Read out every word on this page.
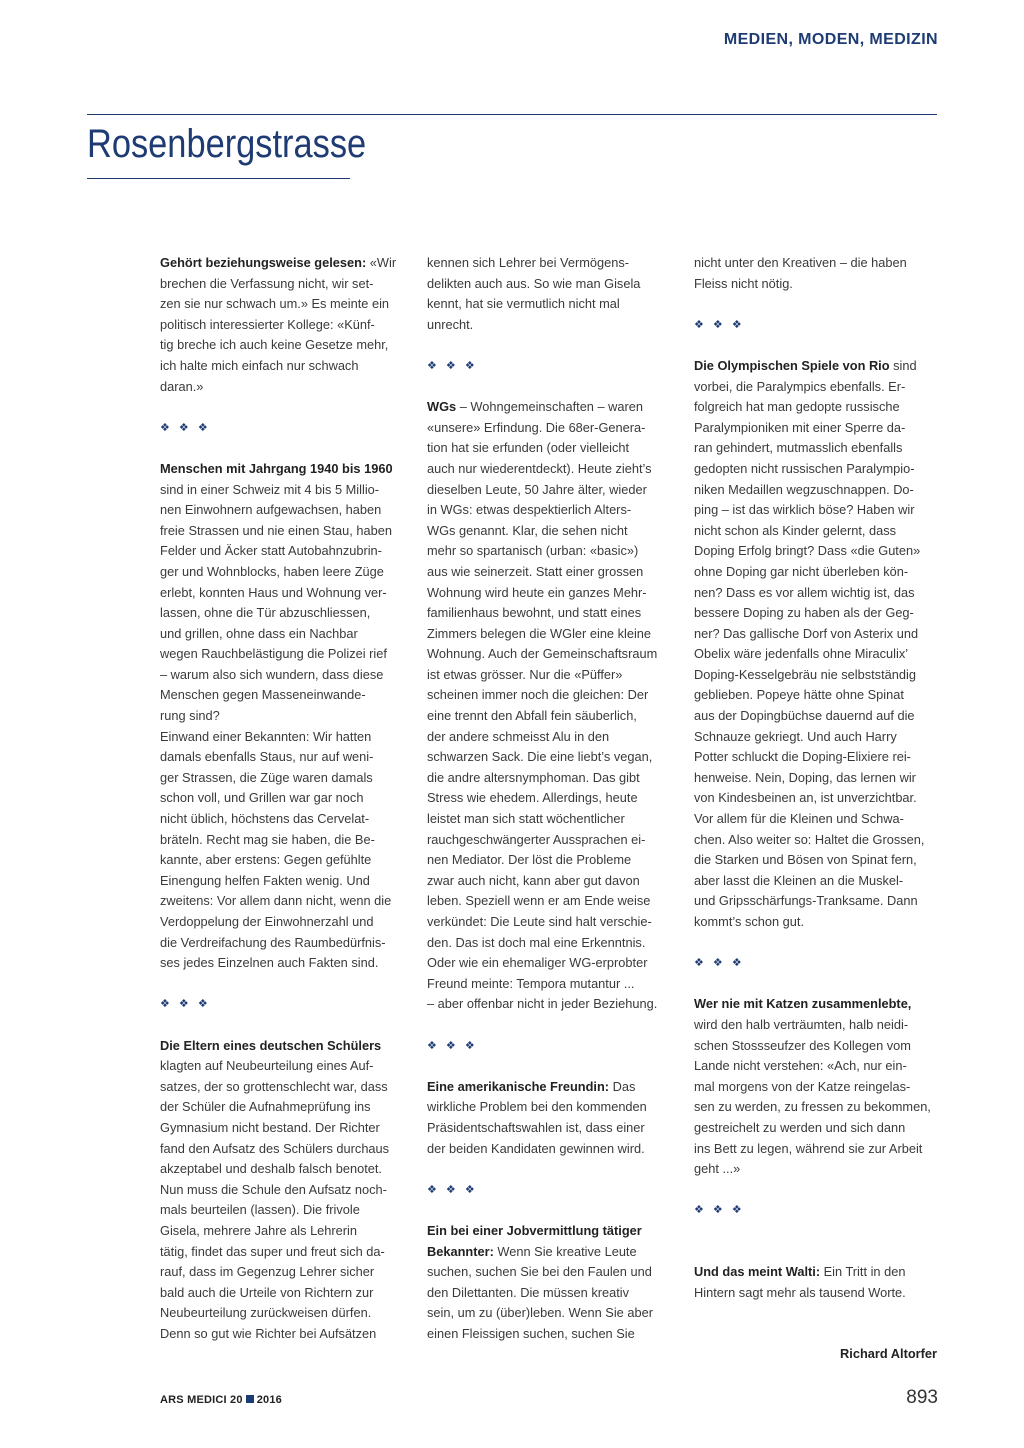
MEDIEN, MODEN, MEDIZIN
Rosenbergstrasse

Gehört beziehungsweise gelesen: «Wir
brechen die Verfassung nicht, wir set-
zen sie nur schwach um.» Es meinte ein
politisch interessierter Kollege: «Künf-
tig breche ich auch keine Gesetze mehr,
ich halte mich einfach nur schwach
daran.»

❖ ❖ ❖

Menschen mit Jahrgang 1940 bis 1960
sind in einer Schweiz mit 4 bis 5 Millio-
nen Einwohnern aufgewachsen, haben
freie Strassen und nie einen Stau, haben
Felder und Äcker statt Autobahnzubrin-
ger und Wohnblocks, haben leere Züge
erlebt, konnten Haus und Wohnung ver-
lassen, ohne die Tür abzuschliessen,
und grillen, ohne dass ein Nachbar
wegen Rauchbelästigung die Polizei rief
– warum also sich wundern, dass diese
Menschen gegen Masseneinwande-
rung sind?
Einwand einer Bekannten: Wir hatten
damals ebenfalls Staus, nur auf weni-
ger Strassen, die Züge waren damals
schon voll, und Grillen war gar noch
nicht üblich, höchstens das Cervelat-
bräteln. Recht mag sie haben, die Be-
kannte, aber erstens: Gegen gefühlte
Einengung helfen Fakten wenig. Und
zweitens: Vor allem dann nicht, wenn die
Verdoppelung der Einwohnerzahl und
die Verdreifachung des Raumbedürfnis-
ses jedes Einzelnen auch Fakten sind.

❖ ❖ ❖

Die Eltern eines deutschen Schülers
klagten auf Neubeurteilung eines Auf-
satzes, der so grottenschlecht war, dass
der Schüler die Aufnahmeprüfung ins
Gymnasium nicht bestand. Der Richter
fand den Aufsatz des Schülers durchaus
akzeptabel und deshalb falsch benotet.
Nun muss die Schule den Aufsatz noch-
mals beurteilen (lassen). Die frivole
Gisela, mehrere Jahre als Lehrerin
tätig, findet das super und freut sich da-
rauf, dass im Gegenzug Lehrer sicher
bald auch die Urteile von Richtern zur
Neubeurteilung zurückweisen dürfen.
Denn so gut wie Richter bei Aufsätzen

kennen sich Lehrer bei Vermögens-
delikten auch aus. So wie man Gisela
kennt, hat sie vermutlich nicht mal
unrecht.

❖ ❖ ❖

WGs – Wohngemeinschaften – waren
«unsere» Erfindung. Die 68er-Genera-
tion hat sie erfunden (oder vielleicht
auch nur wiederentdeckt). Heute zieht’s
dieselben Leute, 50 Jahre älter, wieder
in WGs: etwas despektierlich Alters-
WGs genannt. Klar, die sehen nicht
mehr so spartanisch (urban: «basic»)
aus wie seinerzeit. Statt einer grossen
Wohnung wird heute ein ganzes Mehr-
familienhaus bewohnt, und statt eines
Zimmers belegen die WGler eine kleine
Wohnung. Auch der Gemeinschaftsraum
ist etwas grösser. Nur die «Püffer»
scheinen immer noch die gleichen: Der
eine trennt den Abfall fein säuberlich,
der andere schmeisst Alu in den
schwarzen Sack. Die eine liebt’s vegan,
die andre altersnymphoman. Das gibt
Stress wie ehedem. Allerdings, heute
leistet man sich statt wöchentlicher
rauchgeschwängerter Aussprachen ei-
nen Mediator. Der löst die Probleme
zwar auch nicht, kann aber gut davon
leben. Speziell wenn er am Ende weise
verkündet: Die Leute sind halt verschie-
den. Das ist doch mal eine Erkenntnis.
Oder wie ein ehemaliger WG-erprobter
Freund meinte: Tempora mutantur ...
– aber offenbar nicht in jeder Beziehung.

❖ ❖ ❖

Eine amerikanische Freundin: Das
wirkliche Problem bei den kommenden
Präsidentschaftswahlen ist, dass einer
der beiden Kandidaten gewinnen wird.

❖ ❖ ❖

Ein bei einer Jobvermittlung tätiger
Bekannter: Wenn Sie kreative Leute
suchen, suchen Sie bei den Faulen und
den Dilettanten. Die müssen kreativ
sein, um zu (über)leben. Wenn Sie aber
einen Fleissigen suchen, suchen Sie

nicht unter den Kreativen – die haben
Fleiss nicht nötig.

❖ ❖ ❖

Die Olympischen Spiele von Rio sind
vorbei, die Paralympics ebenfalls. Er-
folgreich hat man gedopte russische
Paralympioniken mit einer Sperre da-
ran gehindert, mutmasslich ebenfalls
gedopten nicht russischen Paralympio-
niken Medaillen wegzuschnappen. Do-
ping – ist das wirklich böse? Haben wir
nicht schon als Kinder gelernt, dass
Doping Erfolg bringt? Dass «die Guten»
ohne Doping gar nicht überleben kön-
nen? Dass es vor allem wichtig ist, das
bessere Doping zu haben als der Geg-
ner? Das gallische Dorf von Asterix und
Obelix wäre jedenfalls ohne Miraculix’
Doping-Kesselgebräu nie selbstständig
geblieben. Popeye hätte ohne Spinat
aus der Dopingbüchse dauernd auf die
Schnauze gekriegt. Und auch Harry
Potter schluckt die Doping-Elixiere rei-
henweise. Nein, Doping, das lernen wir
von Kindesbeinen an, ist unverzichtbar.
Vor allem für die Kleinen und Schwa-
chen. Also weiter so: Haltet die Grossen,
die Starken und Bösen von Spinat fern,
aber lasst die Kleinen an die Muskel-
und Gripsschärfungs-Tranksame. Dann
kommt’s schon gut.

❖ ❖ ❖

Wer nie mit Katzen zusammenlebte,
wird den halb verträumten, halb neidi-
schen Stossseufzer des Kollegen vom
Lande nicht verstehen: «Ach, nur ein-
mal morgens von der Katze reingelas-
sen zu werden, zu fressen zu bekommen,
gestreichelt zu werden und sich dann
ins Bett zu legen, während sie zur Arbeit
geht ...»

❖ ❖ ❖

Und das meint Walti: Ein Tritt in den
Hintern sagt mehr als tausend Worte.

Richard Altorfer

ARS MEDICI 20 2016	893
